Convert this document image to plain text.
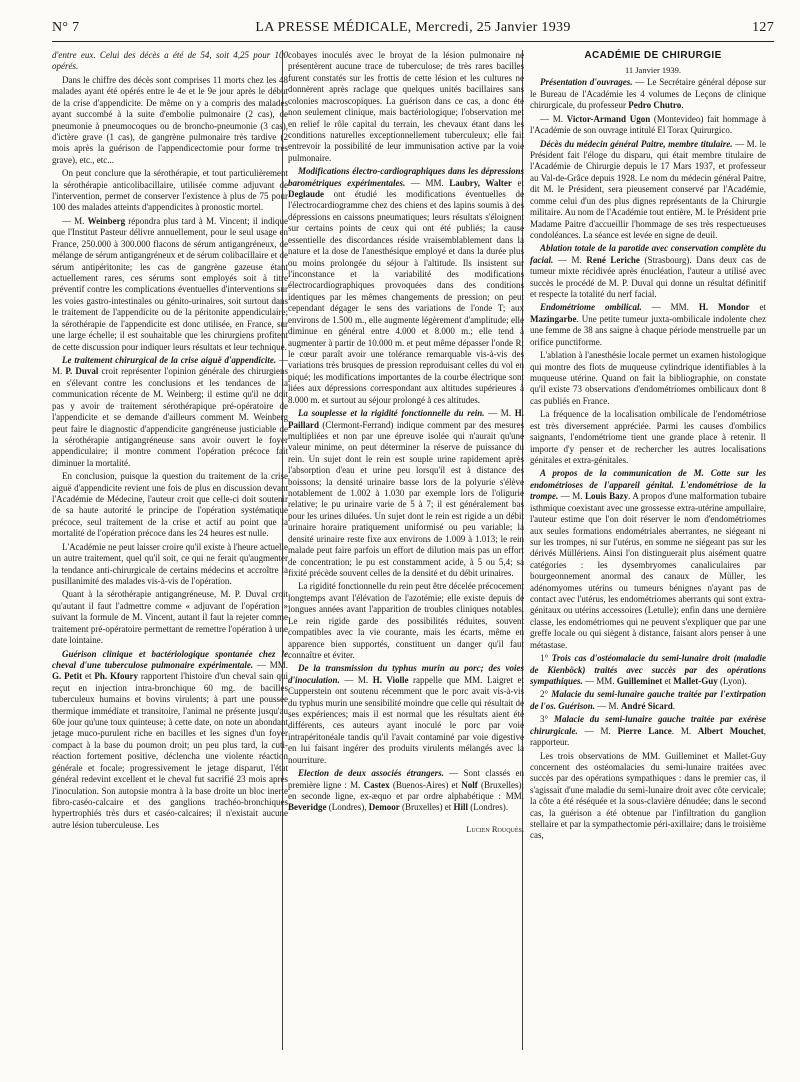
N° 7	LA PRESSE MÉDICALE, Mercredi, 25 Janvier 1939	127

d'entre eux. Celui des décès a été de 54, soit 4,25 pour 100 opérés.

Dans le chiffre des décès sont comprises 11 morts chez les 48 malades ayant été opérés entre le 4e et le 9e jour après le début de la crise d'appendicite. De même on y a compris des malades ayant succombé à la suite d'embolie pulmonaire (2 cas), de pneumonie à pneumocoques ou de broncho-pneumonie (3 cas), d'ictère grave (1 cas), de gangrène pulmonaire très tardive (2 mois après la guérison de l'appendicectomie pour forme très grave), etc., etc...

On peut conclure que la sérothérapie, et tout particulièrement la sérothérapie anticolibacillaire, utilisée comme adjuvant de l'intervention, permet de conserver l'existence à plus de 75 pour 100 des malades atteints d'appendicites à pronostic mortel.

— M. Weinberg répondra plus tard à M. Vincent; il indique que l'Institut Pasteur délivre annuellement, pour le seul usage en France, 250.000 à 300.000 flacons de sérum antigangréneux, de mélange de sérum antigangréneux et de sérum colibacillaire et de sérum antipéritonite; les cas de gangrène gazeuse étant actuellement rares, ces sérums sont employés soit à titre préventif contre les complications éventuelles d'interventions sur les voies gastro-intestinales ou génito-urinaires, soit surtout dans le traitement de l'appendicite ou de la péritonite appendiculaire; la sérothérapie de l'appendicite est donc utilisée, en France, sur une large échelle; il est souhaitable que les chirurgiens profitent de cette discussion pour indiquer leurs résultats et leur technique.

Le traitement chirurgical de la crise aiguë d'appendicite. — M. P. Duval croit représenter l'opinion générale des chirurgiens en s'élevant contre les conclusions et les tendances de la communication récente de M. Weinberg; il estime qu'il ne doit pas y avoir de traitement sérothérapique pré-opératoire de l'appendicite et se demande d'ailleurs comment M. Weinberg peut faire le diagnostic d'appendicite gangréneuse justiciable de la sérothérapie antigangréneuse sans avoir ouvert le foyer appendiculaire; il montre comment l'opération précoce fait diminuer la mortalité.

En conclusion, puisque la question du traitement de la crise aiguë d'appendicite revient une fois de plus en discussion devant l'Académie de Médecine, l'auteur croit que celle-ci doit soutenir de sa haute autorité le principe de l'opération systématique précoce, seul traitement de la crise et actif au point que la mortalité de l'opération précoce dans les 24 heures est nulle.

L'Académie ne peut laisser croire qu'il existe à l'heure actuelle un autre traitement, quel qu'il soit, ce qui ne ferait qu'augmenter la tendance anti-chirurgicale de certains médecins et accroître la pusillanimité des malades vis-à-vis de l'opération.

Quant à la sérothérapie antigangréneuse, M. P. Duval croit qu'autant il faut l'admettre comme « adjuvant de l'opération » suivant la formule de M. Vincent, autant il faut la rejeter comme traitement pré-opératoire permettant de remettre l'opération à une date lointaine.

Guérison clinique et bactériologique spontanée chez le cheval d'une tuberculose pulmonaire expérimentale. — MM. G. Petit et Ph. Kfoury rapportent l'histoire d'un cheval sain qui reçut en injection intra-bronchique 60 mg. de bacilles tuberculeux humains et bovins virulents; à part une poussée thermique immédiate et transitoire, l'animal ne présente jusqu'au 60e jour qu'une toux quinteuse; à cette date, on note un abondant jetage muco-purulent riche en bacilles et les signes d'un foyer compact à la base du poumon droit; un peu plus tard, la cuti-réaction fortement positive, déclencha une violente réaction générale et focale; progressivement le jetage disparut, l'état général redevint excellent et le cheval fut sacrifié 23 mois après l'inoculation. Son autopsie montra à la base droite un bloc inerte fibro-caséo-calcaire et des ganglions trachéo-bronchiques hypertrophiés très durs et caséo-calcaires; il n'existait aucune autre lésion tuberculeuse. Les

cobayes inoculés avec le broyat de la lésion pulmonaire ne présentèrent aucune trace de tuberculose; de très rares bacilles furent constatés sur les frottis de cette lésion et les cultures ne donnèrent après raclage que quelques unités bacillaires sans colonies macroscopiques. La guérison dans ce cas, a donc été non seulement clinique, mais bactériologique; l'observation met en relief le rôle capital du terrain, les chevaux étant dans les conditions naturelles exceptionnellement tuberculeux; elle fait entrevoir la possibilité de leur immunisation active par la voie pulmonaire.

Modifications électro-cardiographiques dans les dépressions barométriques expérimentales. — MM. Laubry, Walter et Deglaude ont étudié les modifications éventuelles de l'électrocardiogramme chez des chiens et des lapins soumis à des dépressions en caissons pneumatiques; leurs résultats s'éloignent sur certains points de ceux qui ont été publiés; la cause essentielle des discordances réside vraisemblablement dans la nature et la dose de l'anesthésique employé et dans la durée plus ou moins prolongée du séjour à l'altitude. Ils insistent sur l'inconstance et la variabilité des modifications électrocardiographiques provoquées dans des conditions identiques par les mêmes changements de pression; on peut cependant dégager le sens des variations de l'onde T; aux environs de 1.500 m., elle augmente légèrement d'amplitude; elle diminue en général entre 4.000 et 8.000 m.; elle tend à augmenter à partir de 10.000 m. et peut même dépasser l'onde R; le cœur paraît avoir une tolérance remarquable vis-à-vis des variations très brusques de pression reproduisant celles du vol en piqué; les modifications importantes de la courbe électrique sont liées aux dépressions correspondant aux altitudes supérieures à 8.000 m. et surtout au séjour prolongé à ces altitudes.

La souplesse et la rigidité fonctionnelle du rein. — M. H. Paillard (Clermont-Ferrand) indique comment par des mesures multipliées et non par une épreuve isolée qui n'aurait qu'une valeur minime, on peut déterminer la réserve de puissance du rein. Un sujet dont le rein est souple urine rapidement après l'absorption d'eau et urine peu lorsqu'il est à distance des boissons; la densité urinaire basse lors de la polyurie s'élève notablement de 1.002 à 1.030 par exemple lors de l'oligurie relative; le pu urinaire varie de 5 à 7; il est généralement bas pour les urines diluées. Un sujet dont le rein est rigide a un débit urinaire horaire pratiquement uniformisé ou peu variable; la densité urinaire reste fixe aux environs de 1.009 à 1.013; le rein malade peut faire parfois un effort de dilution mais pas un effort de concentration; le pu est constamment acide, à 5 ou 5,4; sa fixité précède souvent celles de la densité et du débit urinaires.

La rigidité fonctionnelle du rein peut être décelée précocement longtemps avant l'élévation de l'azotémie; elle existe depuis de longues années avant l'apparition de troubles cliniques notables. Le rein rigide garde des possibilités réduites, souvent compatibles avec la vie courante, mais les écarts, même en apparence bien supportés, constituent un danger qu'il faut connaître et éviter.

De la transmission du typhus murin au porc; des voies d'inoculation. — M. H. Violle rappelle que MM. Laigret et Cupperstein ont soutenu récemment que le porc avait vis-à-vis du typhus murin une sensibilité moindre que celle qui résultait de ses expériences; mais il est normal que les résultats aient été différents, ces auteurs ayant inoculé le porc par voie intrapéritonéale tandis qu'il l'avait contaminé par voie digestive en lui faisant ingérer des produits virulents mélangés avec la nourriture.

Election de deux associés étrangers. — Sont classés en première ligne : M. Castex (Buenos-Aires) et Nolf (Bruxelles); en seconde ligne, ex-æquo et par ordre alphabétique : MM. Beveridge (Londres), Demoor (Bruxelles) et Hill (Londres).

Lucien Rouquès.

ACADÉMIE DE CHIRURGIE

11 Janvier 1939.

Présentation d'ouvrages. — Le Secrétaire général dépose sur le Bureau de l'Académie les 4 volumes de Leçons de clinique chirurgicale, du professeur Pedro Chutro.

— M. Victor-Armand Ugon (Montevideo) fait hommage à l'Académie de son ouvrage intitulé El Torax Quirurgico.

Décès du médecin général Paitre, membre titulaire. — M. le Président fait l'éloge du disparu, qui était membre titulaire de l'Académie de Chirurgie depuis le 17 Mars 1937, et professeur au Val-de-Grâce depuis 1928. Le nom du médecin général Paitre, dit M. le Président, sera pieusement conservé par l'Académie, comme celui d'un des plus dignes représentants de la Chirurgie militaire. Au nom de l'Académie tout entière, M. le Président prie Madame Paitre d'accueillir l'hommage de ses très respectueuses condoléances. La séance est levée en signe de deuil.

Ablation totale de la parotide avec conservation complète du facial. — M. René Leriche (Strasbourg). Dans deux cas de tumeur mixte récidivée après énucléation, l'auteur a utilisé avec succès le procédé de M. P. Duval qui donne un résultat définitif et respecte la totalité du nerf facial.

Endométriome ombilical. — MM. H. Mondor et Mazingarbe. Une petite tumeur juxta-ombilicale indolente chez une femme de 38 ans saigne à chaque période menstruelle par un orifice punctiforme.

L'ablation à l'anesthésie locale permet un examen histologique qui montre des flots de muqueuse cylindrique identifiables à la muqueuse utérine. Quand on fait la bibliographie, on constate qu'il existe 73 observations d'endométriomes ombilicaux dont 8 cas publiés en France.

La fréquence de la localisation ombilicale de l'endométriose est très diversement appréciée. Parmi les causes d'ombilics saignants, l'endométriome tient une grande place à retenir. Il importe d'y penser et de rechercher les autres localisations génitales et extra-génitales.

A propos de la communication de M. Cotte sur les endométrioses de l'appareil génital. L'endométriose de la trompe. — M. Louis Bazy. A propos d'une malformation tubaire isthmique coexistant avec une grossesse extra-utérine ampullaire, l'auteur estime que l'on doit réserver le nom d'endométriomes aux seules formations endométriales aberrantes, ne siégeant ni sur les trompes, ni sur l'utérus, en somme ne siégeant pas sur les dérivés Müllériens. Ainsi l'on distinguerait plus aisément quatre catégories : les dysembryomes canaliculaires par bourgeonnement anormal des canaux de Müller, les adénomyomes utérins ou tumeurs bénignes n'ayant pas de contact avec l'utérus, les endométriomes aberrants qui sont extra-génitaux ou utérins accessoires (Letulle); enfin dans une dernière classe, les endométriomes qui ne peuvent s'expliquer que par une greffe locale ou qui siègent à distance, faisant alors penser à une métastase.

1° Trois cas d'ostéomalacie du semi-lunaire droit (maladie de Kienböck) traités avec succès par des opérations sympathiques. — MM. Guilleminet et Mallet-Guy (Lyon).

2° Malacie du semi-lunaire gauche traitée par l'extirpation de l'os. Guérison. — M. André Sicard.

3° Malacie du semi-lunaire gauche traitée par exérèse chirurgicale. — M. Pierre Lance. M. Albert Mouchet, rapporteur.

Les trois observations de MM. Guilleminet et Mallet-Guy concernent des ostéomalacies du semi-lunaire traitées avec succès par des opérations sympathiques : dans le premier cas, il s'agissait d'une maladie du semi-lunaire droit avec côte cervicale; la côte a été réséquée et la sous-clavière dénudée; dans le second cas, la guérison a été obtenue par l'infiltration du ganglion stellaire et par la sympathectomie péri-axillaire; dans le troisième cas,
